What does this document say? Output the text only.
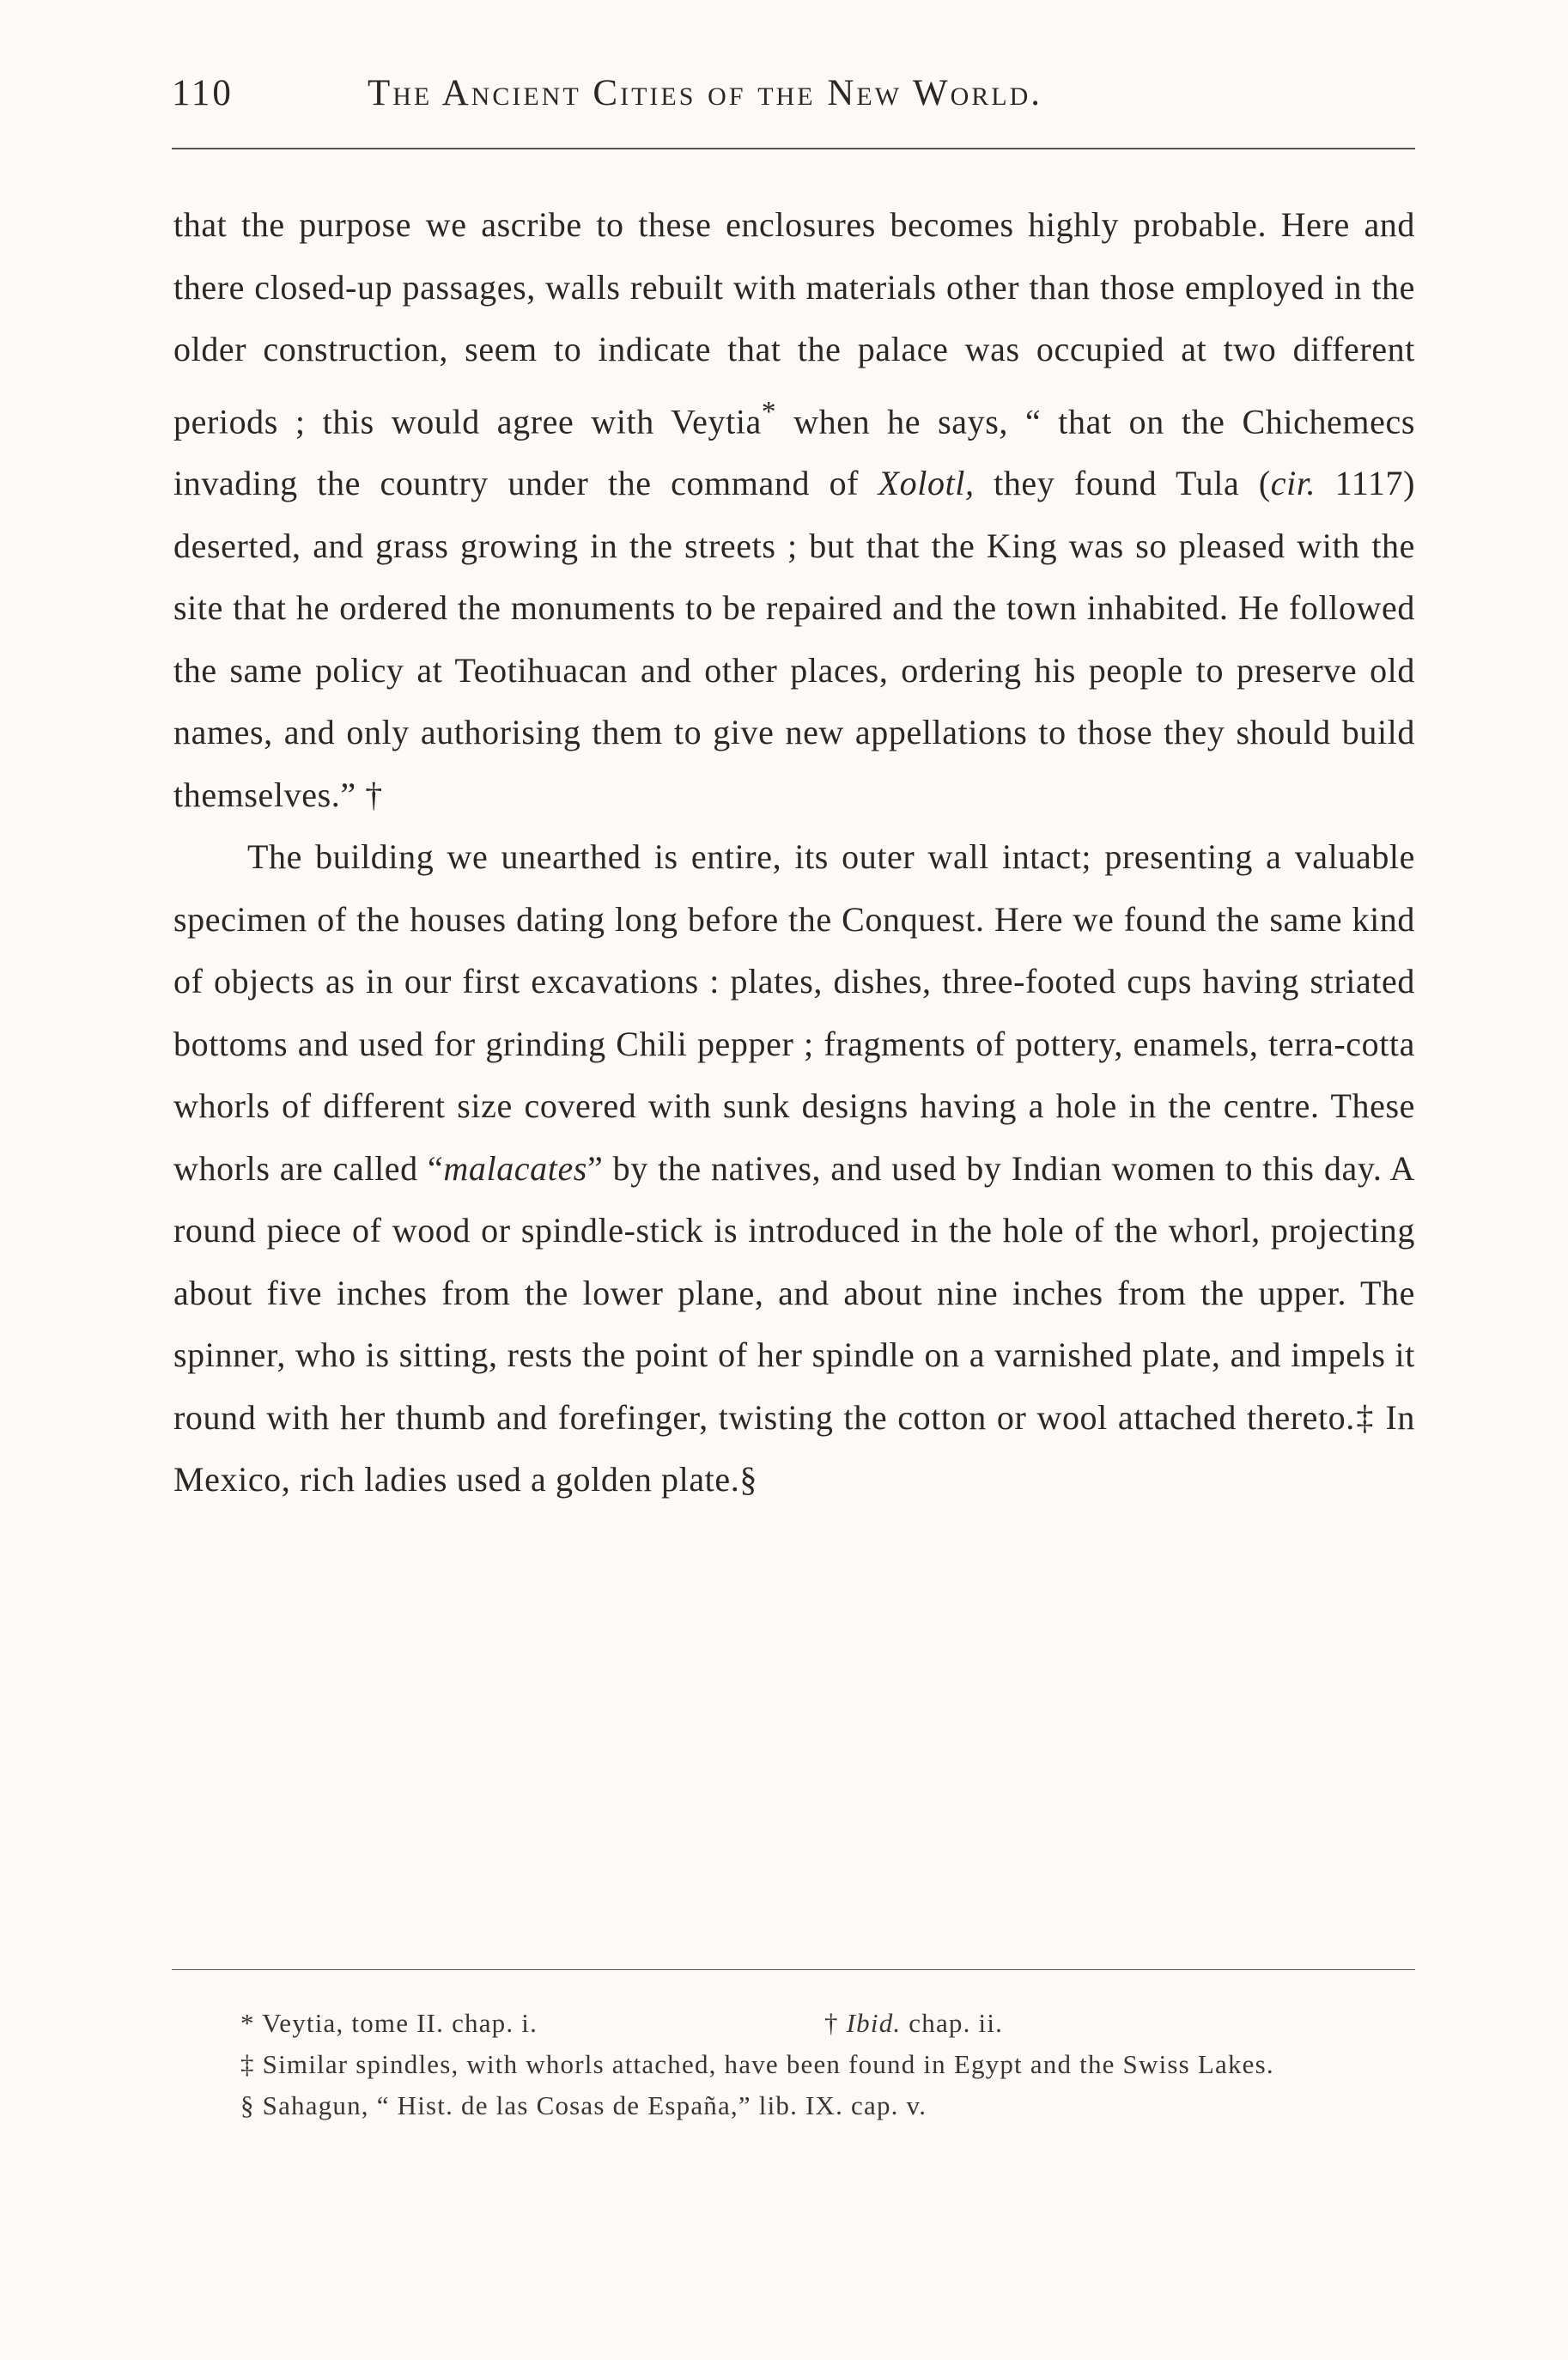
110	The Ancient Cities of the New World.

that the purpose we ascribe to these enclosures becomes highly probable. Here and there closed-up passages, walls rebuilt with materials other than those employed in the older construction, seem to indicate that the palace was occupied at two different periods ; this would agree with Veytia* when he says, “ that on the Chichemecs invading the country under the command of Xolotl, they found Tula (cir. 1117) deserted, and grass growing in the streets ; but that the King was so pleased with the site that he ordered the monuments to be repaired and the town inhabited. He followed the same policy at Teotihuacan and other places, ordering his people to preserve old names, and only authorising them to give new appellations to those they should build themselves.” †

The building we unearthed is entire, its outer wall intact; presenting a valuable specimen of the houses dating long before the Conquest. Here we found the same kind of objects as in our first excavations : plates, dishes, three-footed cups having striated bottoms and used for grinding Chili pepper ; fragments of pottery, enamels, terra-cotta whorls of different size covered with sunk designs having a hole in the centre. These whorls are called “malacates” by the natives, and used by Indian women to this day. A round piece of wood or spindle-stick is introduced in the hole of the whorl, projecting about five inches from the lower plane, and about nine inches from the upper. The spinner, who is sitting, rests the point of her spindle on a varnished plate, and impels it round with her thumb and forefinger, twisting the cotton or wool attached thereto.‡ In Mexico, rich ladies used a golden plate.§

* Veytia, tome II. chap. i.	† Ibid. chap. ii.

‡ Similar spindles, with whorls attached, have been found in Egypt and the Swiss Lakes.

§ Sahagun, “ Hist. de las Cosas de España,” lib. IX. cap. v.
